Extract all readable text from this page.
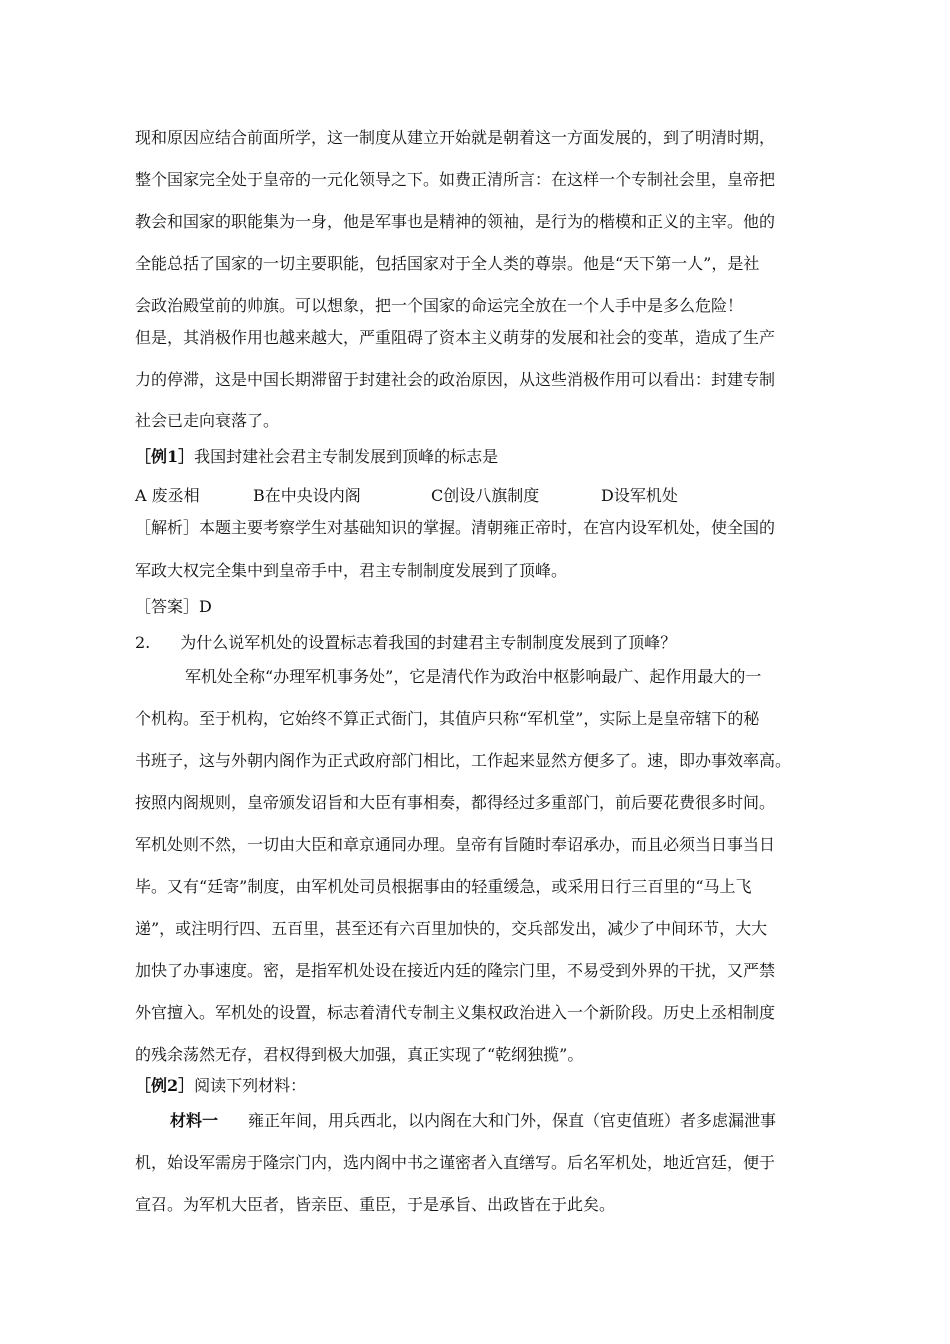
现和原因应结合前面所学，这一制度从建立开始就是朝着这一方面发展的，到了明清时期，
整个国家完全处于皇帝的一元化领导之下。如费正清所言：在这样一个专制社会里，皇帝把
教会和国家的职能集为一身，他是军事也是精神的领袖，是行为的楷模和正义的主宰。他的
全能总括了国家的一切主要职能，包括国家对于全人类的尊崇。他是“天下第一人”，是社
会政治殿堂前的帅旗。可以想象，把一个国家的命运完全放在一个人手中是多么危险！
但是，其消极作用也越来越大，严重阻碍了资本主义萌芽的发展和社会的变革，造成了生产
力的停滞，这是中国长期滞留于封建社会的政治原因，从这些消极作用可以看出：封建专制
社会已走向衰落了。
［例1］我国封建社会君主专制发展到顶峰的标志是
A 废丞相	B在中央设内阁	C创设八旗制度	D设军机处
［解析］本题主要考察学生对基础知识的掌握。清朝雍正帝时，在宫内设军机处，使全国的
军政大权完全集中到皇帝手中，君主专制制度发展到了顶峰。
［答案］D
2. 为什么说军机处的设置标志着我国的封建君主专制制度发展到了顶峰？
军机处全称“办理军机事务处”，它是清代作为政治中枢影响最广、起作用最大的一
个机构。至于机构，它始终不算正式衙门，其值庐只称“军机堂”，实际上是皇帝辖下的秘
书班子，这与外朝内阁作为正式政府部门相比，工作起来显然方便多了。速，即办事效率高。
按照内阁规则，皇帝颁发诏旨和大臣有事相奏，都得经过多重部门，前后要花费很多时间。
军机处则不然，一切由大臣和章京通同办理。皇帝有旨随时奉诏承办，而且必须当日事当日
毕。又有“廷寄”制度，由军机处司员根据事由的轻重缓急，或采用日行三百里的“马上飞
递”，或注明行四、五百里，甚至还有六百里加快的，交兵部发出，减少了中间环节，大大
加快了办事速度。密，是指军机处设在接近内廷的隆宗门里，不易受到外界的干扰，又严禁
外官擅入。军机处的设置，标志着清代专制主义集权政治进入一个新阶段。历史上丞相制度
的残余荡然无存，君权得到极大加强，真正实现了“乾纲独揽”。
［例2］阅读下列材料：
材料一 雍正年间，用兵西北，以内阁在大和门外，保直（官吏值班）者多虑漏泄事
机，始设军需房于隆宗门内，选内阁中书之谨密者入直缮写。后名军机处，地近宫廷，便于
宣召。为军机大臣者，皆亲臣、重臣，于是承旨、出政皆在于此矣。
